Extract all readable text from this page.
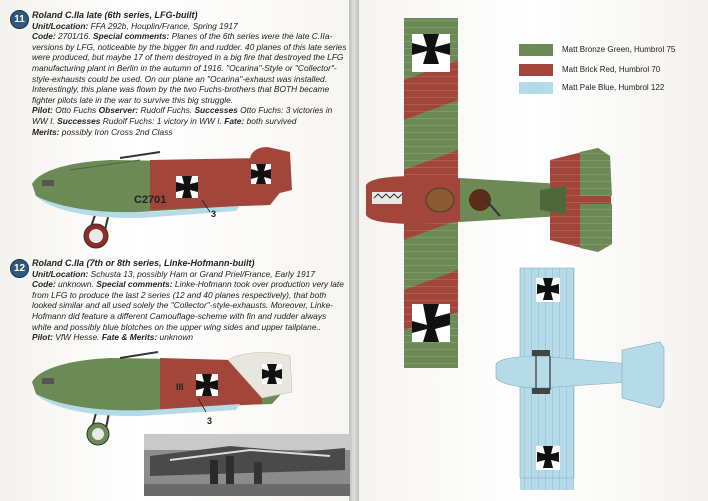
C2701
III
11 Roland C.IIa late (6th series, LFG-built)
Unit/Location: FFA 292b, Houplin/France, Spring 1917
Code: 2701/16. Special comments: Planes of the 6th series were the late C.IIa-
versions by LFG, noticeable by the bigger fin and rudder. 40 planes of this late series
were produced, but maybe 17 of them destroyed in a big fire that destroyed the LFG
manufacturing plant in Berlin in the autumn of 1916. "Ocarina"-Style or "Collector"-
style-exhausts could be used. On our plane an "Ocarina"-exhaust was installed.
Interestingly, this plane was flown by the two Fuchs-brothers that BOTH became
fighter pilots late in the war to survive this big struggle.
Pilot: Otto Fuchs Observer: Rudolf Fuchs. Successes Otto Fuchs: 3 victories in
WW I. Successes Rudolf Fuchs: 1 victory in WW I. Fate: both survived
Merits: possibly Iron Cross 2nd Class
3
12 Roland C.IIa (7th or 8th series, Linke-Hofmann-built)
Unit/Location: Schusta 13, possibly Ham or Grand Priel/France, Early 1917
Code: unknown. Special comments: Linke-Hofmann took over production very late
from LFG to produce the last 2 series (12 and 40 planes respectively), that both
looked similar and all used solely the "Collector"-style-exhausts. Moreover, Linke-
Hofmann did feature a different Camouflage-scheme with fin and rudder always
white and possibly blue blotches on the upper wing sides and upper tailplane..
Pilot: VfW Hesse. Fate & Merits: unknown
3
Matt Bronze Green, Humbrol 75
Matt Brick Red, Humbrol 70
Matt Pale Blue, Humbrol 122
